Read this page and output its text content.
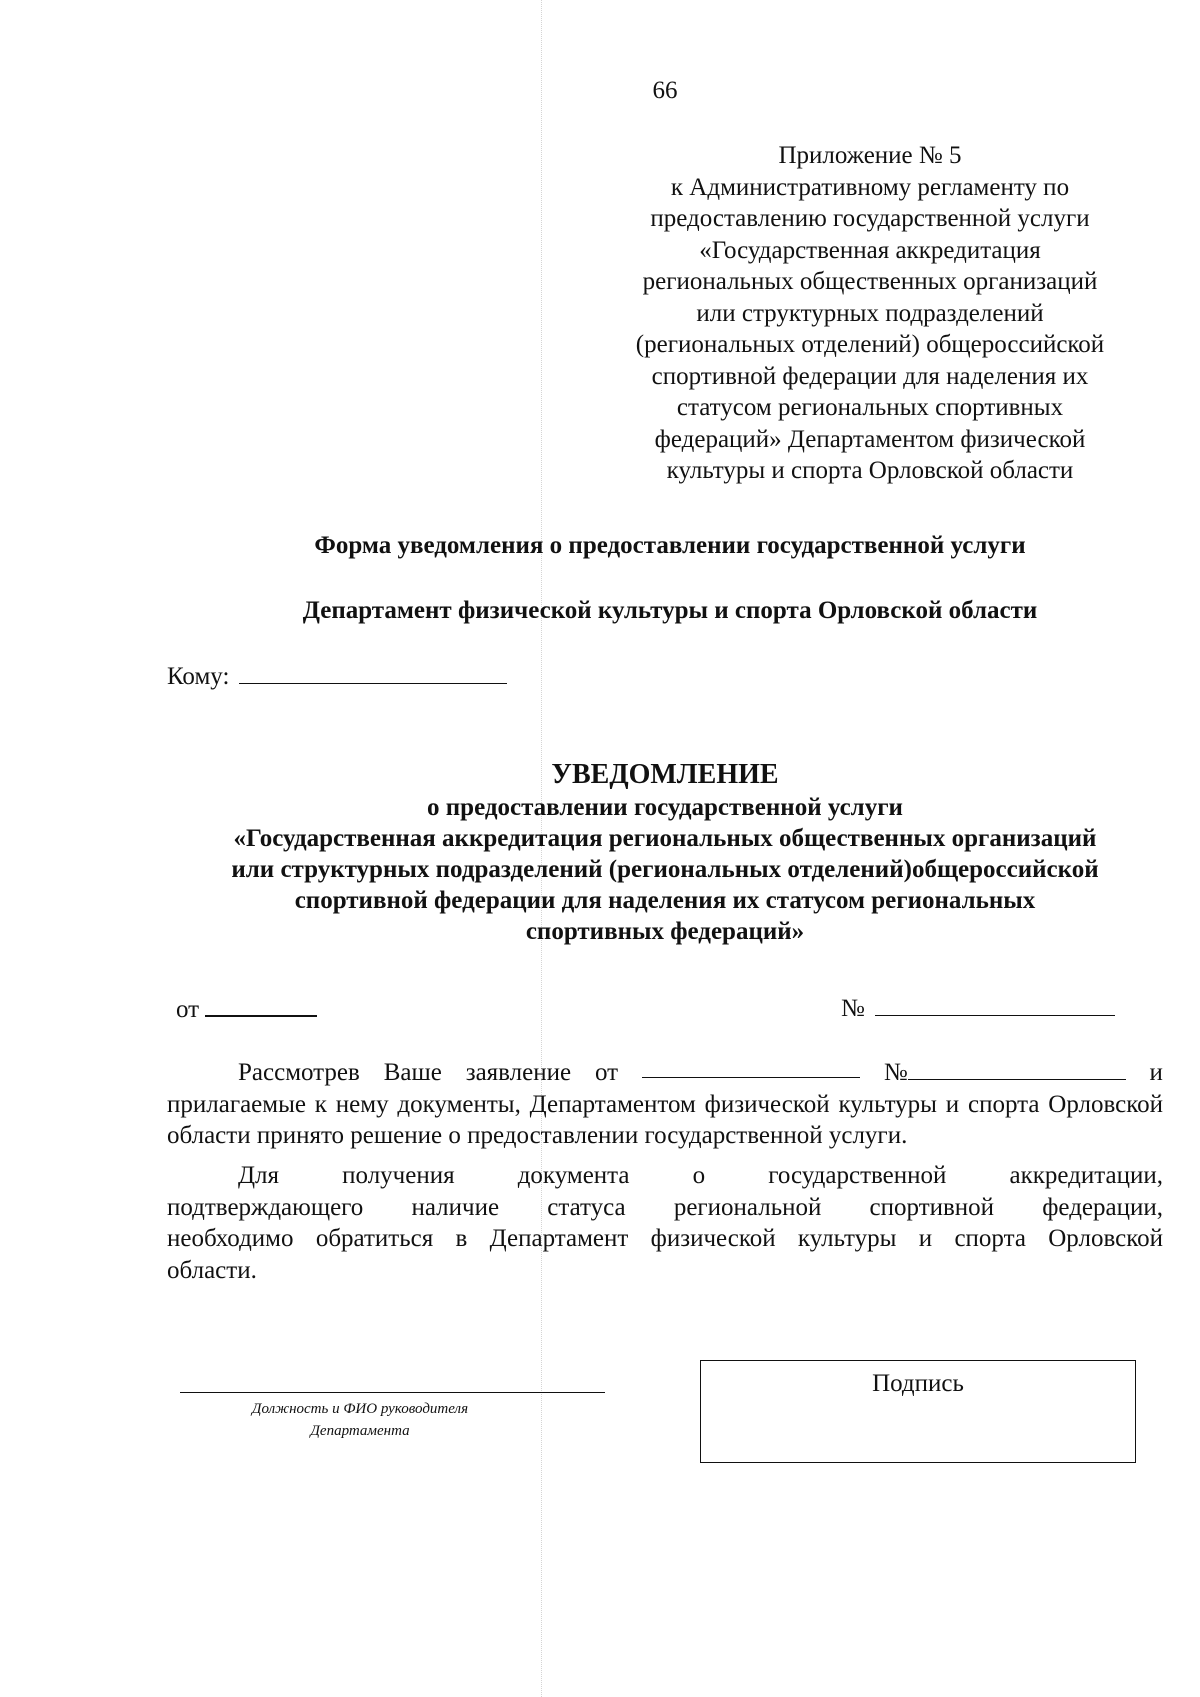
66
Приложение № 5
к Административному регламенту по
предоставлению государственной услуги
«Государственная аккредитация
региональных общественных организаций
или структурных подразделений
(региональных отделений) общероссийской
спортивной федерации для наделения их
статусом региональных спортивных
федераций» Департаментом физической
культуры и спорта Орловской области
Форма уведомления о предоставлении государственной услуги
Департамент физической культуры и спорта Орловской области
Кому:
УВЕДОМЛЕНИЕ
о предоставлении государственной услуги
«Государственная аккредитация региональных общественных организаций
или структурных подразделений (региональных отделений)общероссийской
спортивной федерации для наделения их статусом региональных
спортивных федераций»
от	№
Рассмотрев Ваше заявление от	№	и
прилагаемые к нему документы, Департаментом физической культуры и спорта Орловской области принято решение о предоставлении государственной услуги.
Для	получения	документа	о	государственной	аккредитации,
подтверждающего наличие статуса региональной спортивной федерации,
необходимо обратиться в Департамент физической культуры и спорта Орловской
области.
Должность и ФИО руководителя
Департамента
Подпись
